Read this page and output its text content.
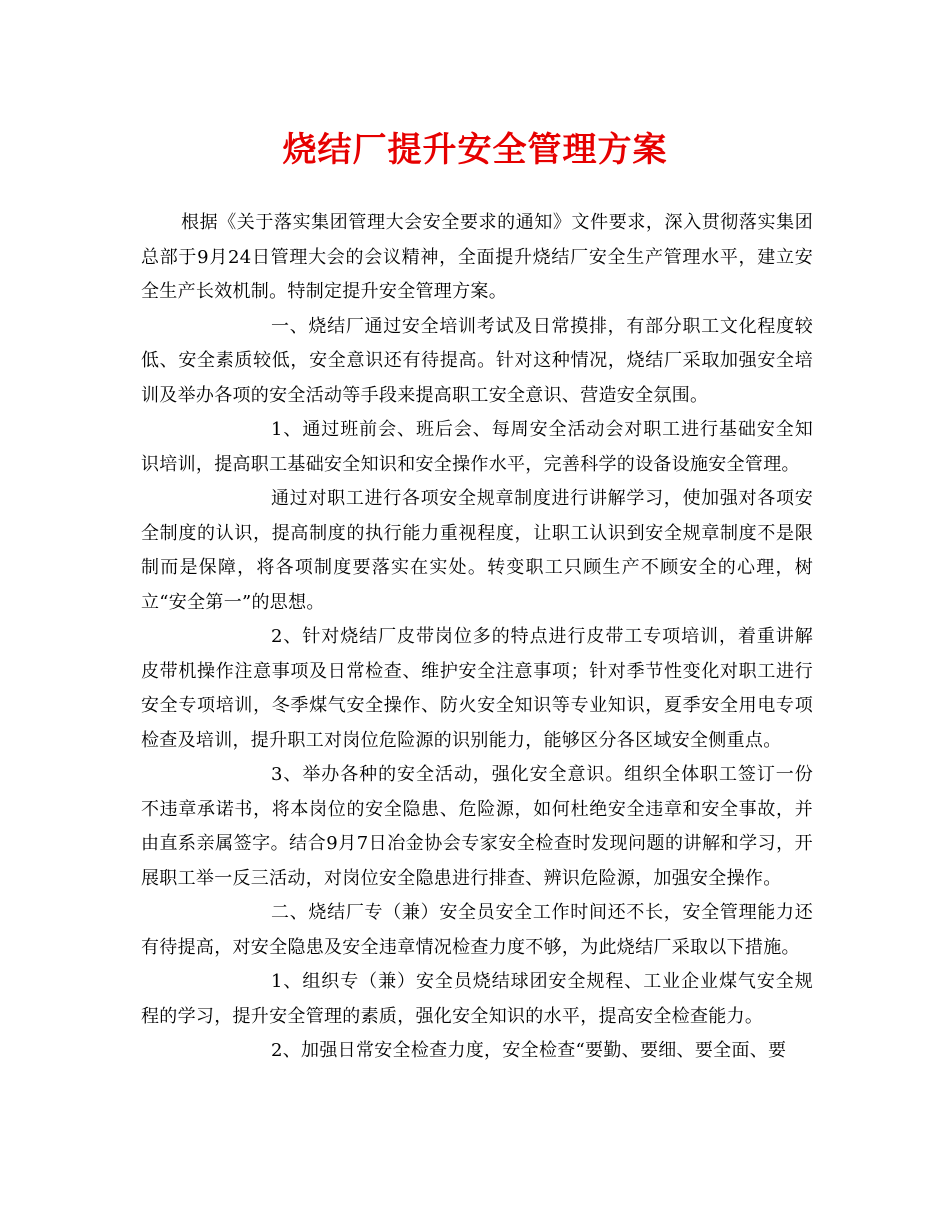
烧结厂提升安全管理方案

根据《关于落实集团管理大会安全要求的通知》文件要求，深入贯彻落实集团总部于9月24日管理大会的会议精神，全面提升烧结厂安全生产管理水平，建立安全生产长效机制。特制定提升安全管理方案。

一、烧结厂通过安全培训考试及日常摸排，有部分职工文化程度较低、安全素质较低，安全意识还有待提高。针对这种情况，烧结厂采取加强安全培训及举办各项的安全活动等手段来提高职工安全意识、营造安全氛围。

1、通过班前会、班后会、每周安全活动会对职工进行基础安全知识培训，提高职工基础安全知识和安全操作水平，完善科学的设备设施安全管理。

通过对职工进行各项安全规章制度进行讲解学习，使加强对各项安全制度的认识，提高制度的执行能力重视程度，让职工认识到安全规章制度不是限制而是保障，将各项制度要落实在实处。转变职工只顾生产不顾安全的心理，树立“安全第一”的思想。

2、针对烧结厂皮带岗位多的特点进行皮带工专项培训，着重讲解皮带机操作注意事项及日常检查、维护安全注意事项；针对季节性变化对职工进行安全专项培训，冬季煤气安全操作、防火安全知识等专业知识，夏季安全用电专项检查及培训，提升职工对岗位危险源的识别能力，能够区分各区域安全侧重点。

3、举办各种的安全活动，强化安全意识。组织全体职工签订一份不违章承诺书，将本岗位的安全隐患、危险源，如何杜绝安全违章和安全事故，并由直系亲属签字。结合9月7日冶金协会专家安全检查时发现问题的讲解和学习，开展职工举一反三活动，对岗位安全隐患进行排查、辨识危险源，加强安全操作。

二、烧结厂专（兼）安全员安全工作时间还不长，安全管理能力还有待提高，对安全隐患及安全违章情况检查力度不够，为此烧结厂采取以下措施。

1、组织专（兼）安全员烧结球团安全规程、工业企业煤气安全规程的学习，提升安全管理的素质，强化安全知识的水平，提高安全检查能力。

2、加强日常安全检查力度，安全检查“要勤、要细、要全面、要
